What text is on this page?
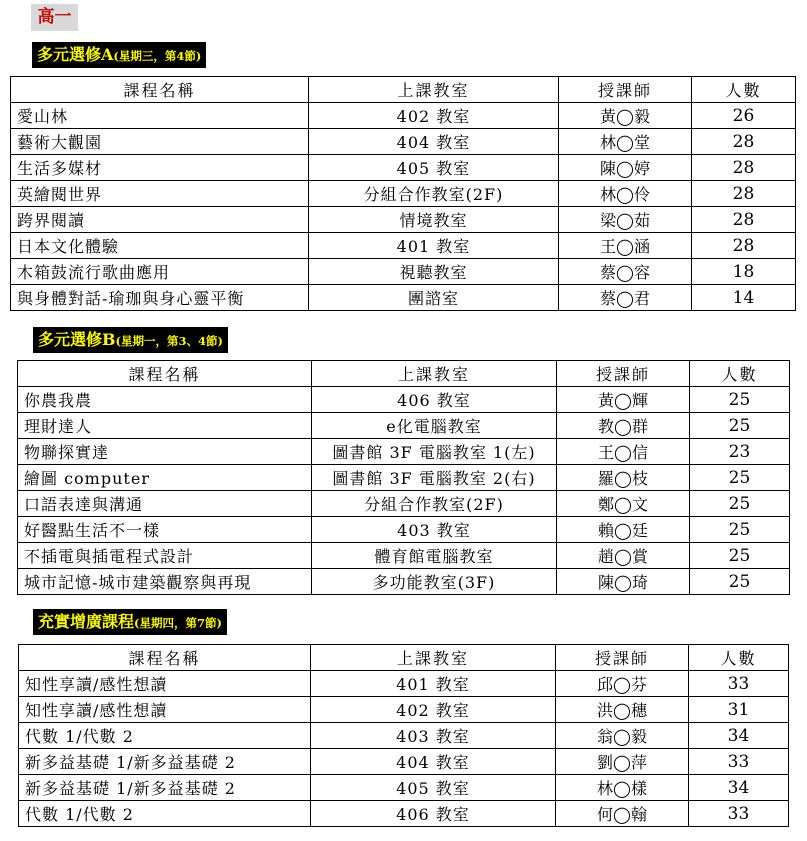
高一
多元選修A(星期三，第4節)
課程名稱	上課教室	授課師	人數
愛山林	402 教室	黃◯毅	26
藝術大觀園	404 教室	林◯堂	28
生活多媒材	405 教室	陳◯婷	28
英繪閱世界	分組合作教室(2F)	林◯伶	28
跨界閱讀	情境教室	梁◯茹	28
日本文化體驗	401 教室	王◯涵	28
木箱鼓流行歌曲應用	視聽教室	蔡◯容	18
與身體對話-瑜珈與身心靈平衡	團諮室	蔡◯君	14
多元選修B(星期一，第3、4節)
課程名稱	上課教室	授課師	人數
你農我農	406 教室	黃◯輝	25
理財達人	e化電腦教室	教◯群	25
物聯探實達	圖書館 3F 電腦教室 1(左)	王◯信	23
繪圖 computer	圖書館 3F 電腦教室 2(右)	羅◯枝	25
口語表達與溝通	分組合作教室(2F)	鄭◯文	25
好醫點生活不一樣	403 教室	賴◯廷	25
不插電與插電程式設計	體育館電腦教室	趙◯賞	25
城市記憶-城市建築觀察與再現	多功能教室(3F)	陳◯琦	25
充實增廣課程(星期四，第7節)
課程名稱	上課教室	授課師	人數
知性享讀/感性想讀	401 教室	邱◯芬	33
知性享讀/感性想讀	402 教室	洪◯穗	31
代數 1/代數 2	403 教室	翁◯毅	34
新多益基礎 1/新多益基礎 2	404 教室	劉◯萍	33
新多益基礎 1/新多益基礎 2	405 教室	林◯樣	34
代數 1/代數 2	406 教室	何◯翰	33
